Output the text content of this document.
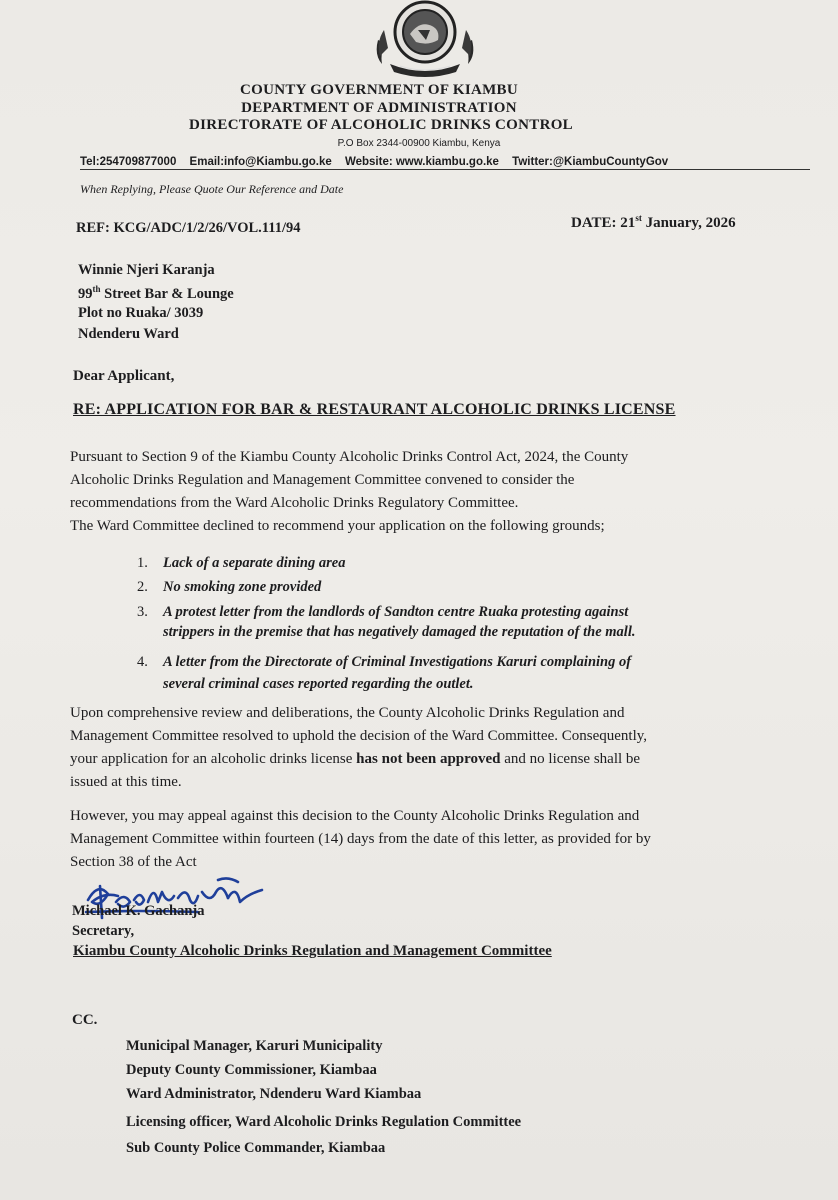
COUNTY GOVERNMENT OF KIAMBU
DEPARTMENT OF ADMINISTRATION
DIRECTORATE OF ALCOHOLIC DRINKS CONTROL
P.O Box 2344-00900 Kiambu, Kenya
Tel:254709877000 Email:info@Kiambu.go.ke Website: www.kiambu.go.ke Twitter:@KiambuCountyGov
When Replying, Please Quote Our Reference and Date
REF: KCG/ADC/1/2/26/VOL.111/94	DATE: 21st January, 2026
Winnie Njeri Karanja
99th Street Bar & Lounge
Plot no Ruaka/ 3039
Ndenderu Ward
Dear Applicant,
RE: APPLICATION FOR BAR & RESTAURANT ALCOHOLIC DRINKS LICENSE
Pursuant to Section 9 of the Kiambu County Alcoholic Drinks Control Act, 2024, the County
Alcoholic Drinks Regulation and Management Committee convened to consider the
recommendations from the Ward Alcoholic Drinks Regulatory Committee.
The Ward Committee declined to recommend your application on the following grounds;
1. Lack of a separate dining area
2. No smoking zone provided
3. A protest letter from the landlords of Sandton centre Ruaka protesting against
strippers in the premise that has negatively damaged the reputation of the mall.
4. A letter from the Directorate of Criminal Investigations Karuri complaining of
several criminal cases reported regarding the outlet.
Upon comprehensive review and deliberations, the County Alcoholic Drinks Regulation and
Management Committee resolved to uphold the decision of the Ward Committee. Consequently,
your application for an alcoholic drinks license has not been approved and no license shall be
issued at this time.
However, you may appeal against this decision to the County Alcoholic Drinks Regulation and
Management Committee within fourteen (14) days from the date of this letter, as provided for by
Section 38 of the Act
Michael K. Gachanja
Secretary,
Kiambu County Alcoholic Drinks Regulation and Management Committee
CC.
Municipal Manager, Karuri Municipality
Deputy County Commissioner, Kiambaa
Ward Administrator, Ndenderu Ward Kiambaa
Licensing officer, Ward Alcoholic Drinks Regulation Committee
Sub County Police Commander, Kiambaa
